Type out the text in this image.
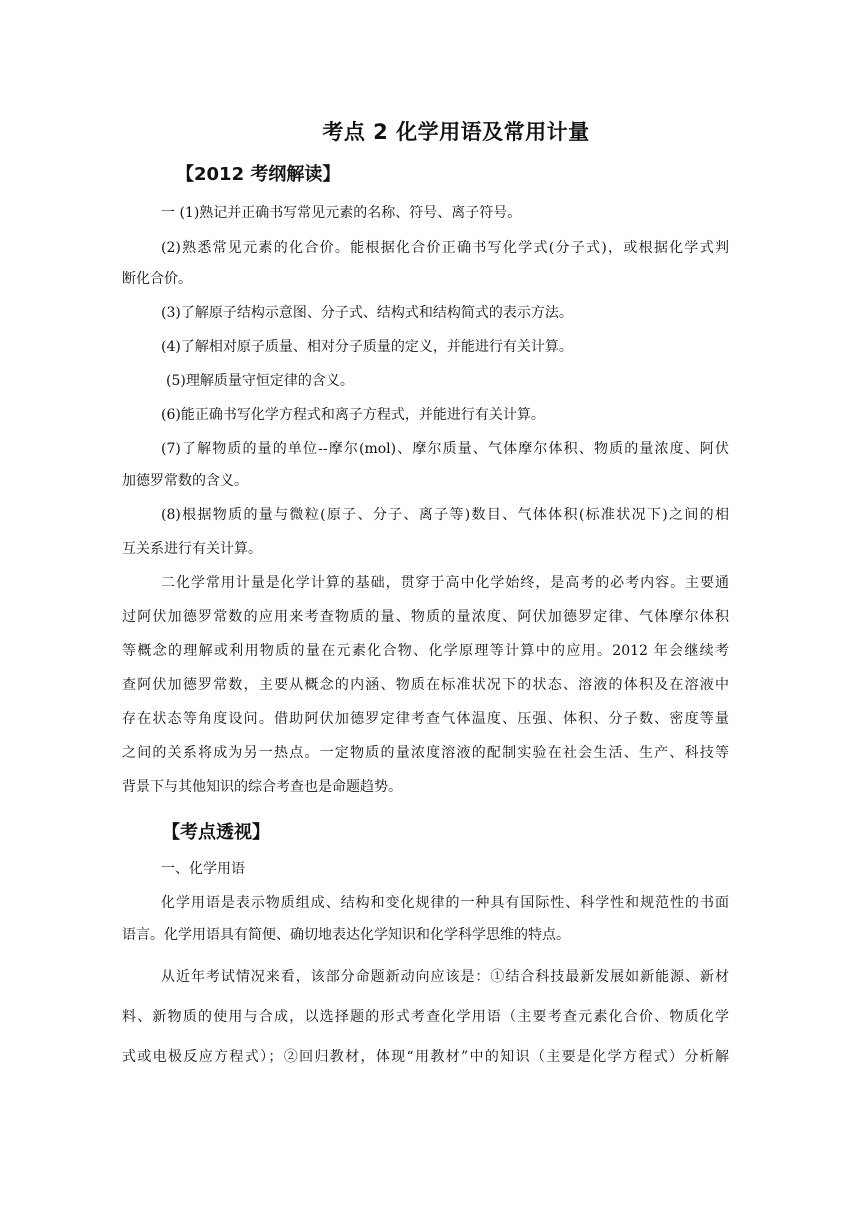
考点 2 化学用语及常用计量
【2012 考纲解读】
一 (1)熟记并正确书写常见元素的名称、符号、离子符号。
(2)熟悉常见元素的化合价。能根据化合价正确书写化学式(分子式)，或根据化学式判
断化合价。
(3)了解原子结构示意图、分子式、结构式和结构简式的表示方法。
(4)了解相对原子质量、相对分子质量的定义，并能进行有关计算。
(5)理解质量守恒定律的含义。
(6)能正确书写化学方程式和离子方程式，并能进行有关计算。
(7)了解物质的量的单位--摩尔(mol)、摩尔质量、气体摩尔体积、物质的量浓度、阿伏
加德罗常数的含义。
(8)根据物质的量与微粒(原子、分子、离子等)数目、气体体积(标准状况下)之间的相
互关系进行有关计算。
二化学常用计量是化学计算的基础，贯穿于高中化学始终，是高考的必考内容。主要通
过阿伏加德罗常数的应用来考查物质的量、物质的量浓度、阿伏加德罗定律、气体摩尔体积
等概念的理解或利用物质的量在元素化合物、化学原理等计算中的应用。2012 年会继续考
查阿伏加德罗常数，主要从概念的内涵、物质在标准状况下的状态、溶液的体积及在溶液中
存在状态等角度设问。借助阿伏加德罗定律考查气体温度、压强、体积、分子数、密度等量
之间的关系将成为另一热点。一定物质的量浓度溶液的配制实验在社会生活、生产、科技等
背景下与其他知识的综合考查也是命题趋势。
【考点透视】
一、化学用语
化学用语是表示物质组成、结构和变化规律的一种具有国际性、科学性和规范性的书面
语言。化学用语具有简便、确切地表达化学知识和化学科学思维的特点。
从近年考试情况来看，该部分命题新动向应该是：①结合科技最新发展如新能源、新材
料、新物质的使用与合成，以选择题的形式考查化学用语（主要考查元素化合价、物质化学
式或电极反应方程式）；②回归教材，体现“用教材”中的知识（主要是化学方程式）分析解
